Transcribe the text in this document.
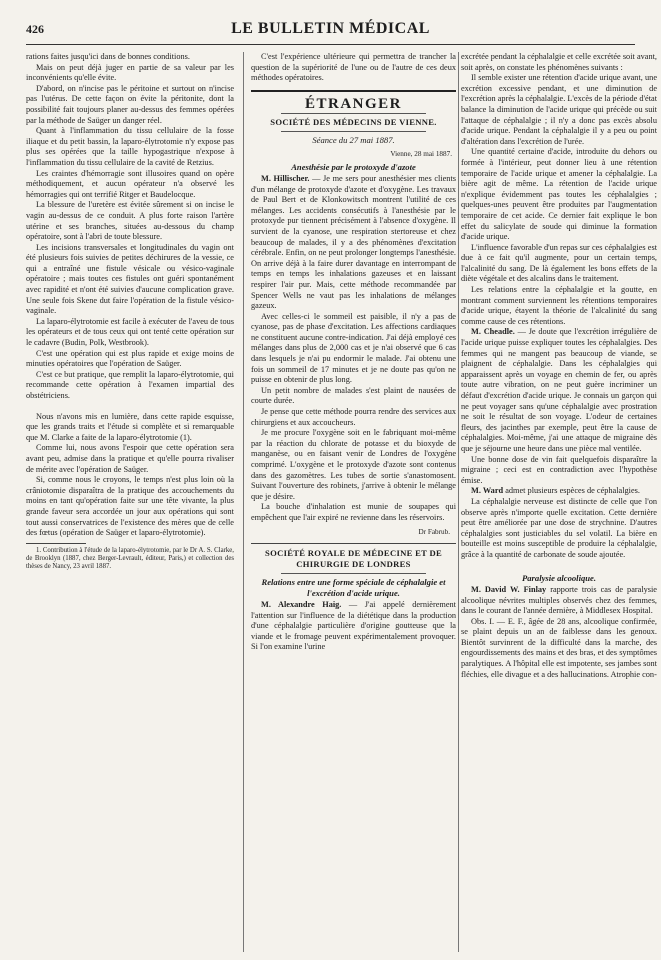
426	LE BULLETIN MÉDICAL

rations faites jusqu'ici dans de bonnes conditions.

Mais on peut déjà juger en partie de sa valeur par les inconvénients qu'elle évite.

D'abord, on n'incise pas le péritoine et surtout on n'incise pas l'utérus. De cette façon on évite la péritonite, dont la possibilité fait toujours planer au-dessus des femmes opérées par la méthode de Saüger un danger réel.

Quant à l'inflammation du tissu cellulaire de la fosse iliaque et du petit bassin, la laparo-élytrotomie n'y expose pas plus ses opérées que la taille hypogastrique n'expose à l'inflammation du tissu cellulaire de la cavité de Retzius.

Les craintes d'hémorragie sont illusoires quand on opère méthodiquement, et aucun opérateur n'a observé les hémorragies qui ont terrifié Ritger et Baudelocque.

La blessure de l'uretère est évitée sûrement si on incise le vagin au-dessus de ce conduit. A plus forte raison l'artère utérine et ses branches, situées au-dessous du champ opératoire, sont à l'abri de toute blessure.

Les incisions transversales et longitudinales du vagin ont été plusieurs fois suivies de petites déchirures de la vessie, ce qui a entraîné une fistule vésicale ou vésico-vaginale opératoire ; mais toutes ces fistules ont guéri spontanément avec rapidité et n'ont été suivies d'aucune complication grave. Une seule fois Skene dut faire l'opération de la fistule vésico-vaginale.

La laparo-élytrotomie est facile à exécuter de l'aveu de tous les opérateurs et de tous ceux qui ont tenté cette opération sur le cadavre (Budin, Polk, Westbrook).

C'est une opération qui est plus rapide et exige moins de minuties opératoires que l'opération de Saüger.

C'est ce but pratique, que remplit la laparo-élytrotomie, qui recommande cette opération à l'examen impartial des obstétriciens.

Nous n'avons mis en lumière, dans cette rapide esquisse, que les grands traits et l'étude si complète et si remarquable que M. Clarke a faite de la laparo-élytrotomie (1).

Comme lui, nous avons l'espoir que cette opération sera avant peu, admise dans la pratique et qu'elle pourra rivaliser de mérite avec l'opération de Saüger.

Si, comme nous le croyons, le temps n'est plus loin où la crâniotomie disparaîtra de la pratique des accouchements du moins en tant qu'opération faite sur une tête vivante, la plus grande faveur sera accordée un jour aux opérations qui sont tout aussi conservatrices de l'existence des mères que de celle des fœtus (opération de Saüger et laparo-élytrotomie).

1. Contribution à l'étude de la laparo-élytrotomie, par le Dr A. S. Clarke, de Brooklyn (1887, chez Berger-Levrault, éditeur, Paris,) et collection des thèses de Nancy, 23 avril 1887.

C'est l'expérience ultérieure qui permettra de trancher la question de la supériorité de l'une ou de l'autre de ces deux méthodes opératoires.

ÉTRANGER
SOCIÉTÉ DES MÉDECINS DE VIENNE.
Séance du 27 mai 1887.
Vienne, 28 mai 1887.
Anesthésie par le protoxyde d'azote

M. Hillischer. — Je me sers pour anesthésier mes clients d'un mélange de protoxyde d'azote et d'oxygène. Les travaux de Paul Bert et de Klonkowitsch montrent l'utilité de ces mélanges. Les accidents consécutifs à l'anesthésie par le protoxyde pur tiennent précisément à l'absence d'oxygène. Il survient de la cyanose, une respiration stertoreuse et chez beaucoup de malades, il y a des phénomènes d'excitation cérébrale. Enfin, on ne peut prolonger longtemps l'anesthésie. On arrive déjà à la faire durer davantage en interrompant de temps en temps les inhalations gazeuses et en laissant respirer l'air pur. Mais, cette méthode recommandée par Spencer Wells ne vaut pas les inhalations de mélanges gazeux.

Avec celles-ci le sommeil est paisible, il n'y a pas de cyanose, pas de phase d'excitation. Les affections cardiaques ne constituent aucune contre-indication. J'ai déjà employé ces mélanges dans plus de 2,000 cas et je n'ai observé que 6 cas dans lesquels je n'ai pu endormir le malade. J'ai obtenu une fois un sommeil de 17 minutes et je ne doute pas qu'on ne puisse en obtenir de plus long.

Un petit nombre de malades s'est plaint de nausées de courte durée.

Je pense que cette méthode pourra rendre des services aux chirurgiens et aux accoucheurs.

Je me procure l'oxygène soit en le fabriquant moi-même par la réaction du chlorate de potasse et du bioxyde de manganèse, ou en faisant venir de Londres de l'oxygène comprimé. L'oxygène et le protoxyde d'azote sont contenus dans des gazomètres. Les tubes de sortie s'anastomosent. Suivant l'ouverture des robinets, j'arrive à obtenir le mélange que je désire.

La bouche d'inhalation est munie de soupapes qui empêchent que l'air expiré ne revienne dans les réservoirs.

Dr Fabrub.
SOCIÉTÉ ROYALE DE MÉDECINE ET DE CHIRURGIE DE LONDRES
Relations entre une forme spéciale de céphalalgie et l'excrétion d'acide urique.

M. Alexandre Haig. — J'ai appelé dernièrement l'attention sur l'influence de la diététique dans la production d'une céphalalgie particulière d'origine goutteuse que la viande et le fromage peuvent expérimentalement provoquer. Si l'on examine l'urine

excrétée pendant la céphalalgie et celle excrétée soit avant, soit après, on constate les phénomènes suivants :

Il semble exister une rétention d'acide urique avant, une excrétion excessive pendant, et une diminution de l'excrétion après la céphalalgie. L'excès de la période d'état balance la diminution de l'acide urique qui précède ou suit l'attaque de céphalalgie ; il n'y a donc pas excès absolu d'acide urique. Pendant la céphalalgie il y a peu ou point d'altération dans l'excrétion de l'urée.

Une quantité certaine d'acide, introduite du dehors ou formée à l'intérieur, peut donner lieu à une rétention temporaire de l'acide urique et amener la céphalalgie. La bière agit de même. La rétention de l'acide urique n'explique évidemment pas toutes les céphalalgies ; quelques-unes peuvent être produites par l'augmentation temporaire de cet acide. Ce dernier fait explique le bon effet du salicylate de soude qui diminue la formation d'acide urique.

L'influence favorable d'un repas sur ces céphalalgies est due à ce fait qu'il augmente, pour un certain temps, l'alcalinité du sang. De là également les bons effets de la diète végétale et des alcalins dans le traitement.

Les relations entre la céphalalgie et la goutte, en montrant comment surviennent les rétentions temporaires d'acide urique, étayent la théorie de l'alcalinité du sang comme cause de ces rétentions.

M. Cheadle. — Je doute que l'excrétion irrégulière de l'acide urique puisse expliquer toutes les céphalalgies. Des femmes qui ne mangent pas beaucoup de viande, se plaignent de céphalalgie. Dans les céphalalgies qui apparaissent après un voyage en chemin de fer, ou après toute autre vibration, on ne peut guère incriminer un défaut d'excrétion d'acide urique. Je connais un garçon qui ne peut voyager sans qu'une céphalalgie avec prostration ne soit le résultat de son voyage. L'odeur de certaines fleurs, des jacinthes par exemple, peut être la cause de céphalalgies. Moi-même, j'ai une attaque de migraine dès que je séjourne une heure dans une pièce mal ventilée.

Une bonne dose de vin fait quelquefois disparaître la migraine ; ceci est en contradiction avec l'hypothèse émise.

M. Ward admet plusieurs espèces de céphalalgies.

La céphalalgie nerveuse est distincte de celle que l'on observe après n'importe quelle excitation. Cette dernière peut être améliorée par une dose de strychnine. D'autres céphalalgies sont justiciables du sel volatil. La bière en bouteille est moins susceptible de produire la céphalalgie, grâce à la quantité de carbonate de soude ajoutée.

Paralysie alcoolique.

M. David W. Finlay rapporte trois cas de paralysie alcoolique névrites multiples observés chez des femmes, dans le courant de l'année dernière, à Middlesex Hospital.

Obs. I. — E. F., âgée de 28 ans, alcoolique confirmée, se plaint depuis un an de faiblesse dans les genoux. Bientôt survinrent de la difficulté dans la marche, des engourdissements des mains et des bras, et des symptômes paralytiques. A l'hôpital elle est impotente, ses jambes sont fléchies, elle divague et a des hallucinations. Atrophie con-
